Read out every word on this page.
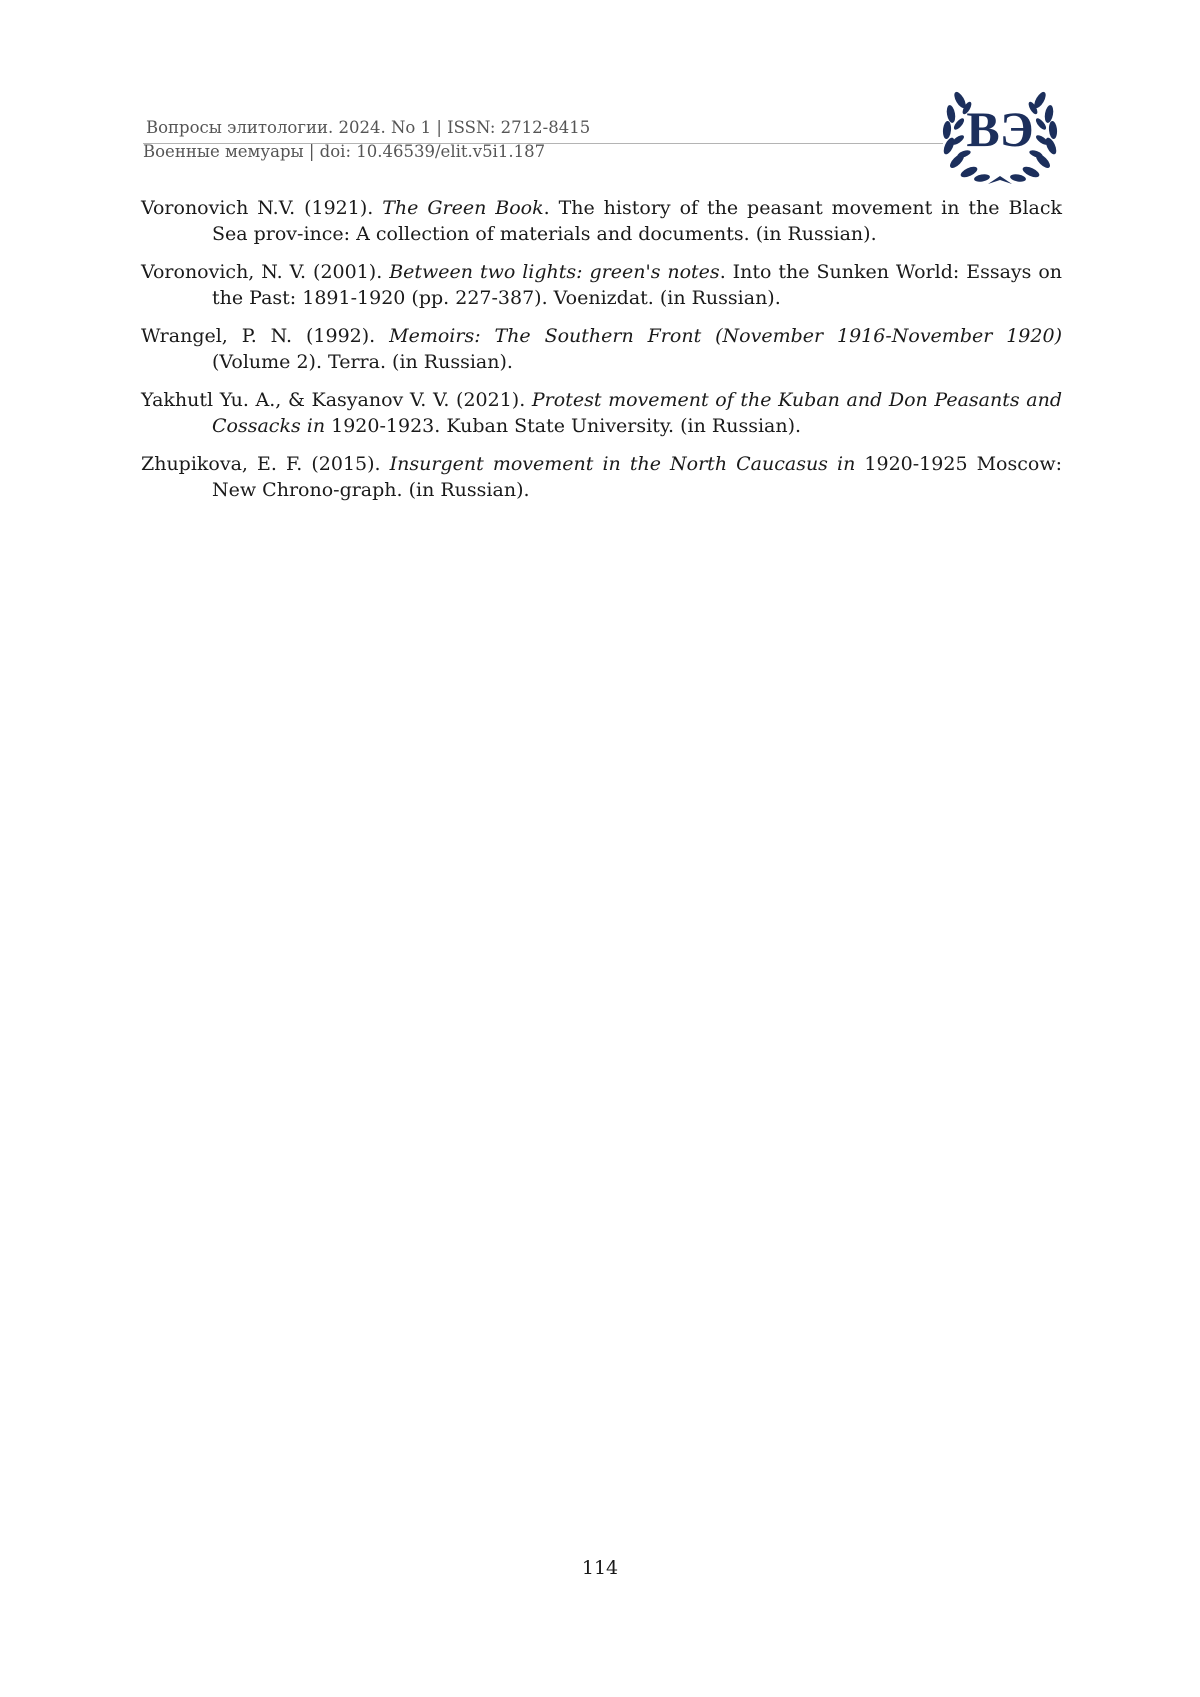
Вопросы элитологии. 2024. No 1 | ISSN: 2712-8415
Военные мемуары | doi: 10.46539/elit.v5i1.187	ВЭ

Voronovich N.V. (1921). The Green Book. The history of the peasant movement in the Black Sea prov-ince: A collection of materials and documents. (in Russian).

Voronovich, N. V. (2001). Between two lights: green's notes. Into the Sunken World: Essays on the Past: 1891-1920 (pp. 227-387). Voenizdat. (in Russian).

Wrangel, P. N. (1992). Memoirs: The Southern Front (November 1916-November 1920) (Volume 2). Terra. (in Russian).

Yakhutl Yu. A., & Kasyanov V. V. (2021). Protest movement of the Kuban and Don Peasants and Cossacks in 1920-1923. Kuban State University. (in Russian).

Zhupikova, E. F. (2015). Insurgent movement in the North Caucasus in 1920-1925 Moscow: New Chrono-graph. (in Russian).

114
